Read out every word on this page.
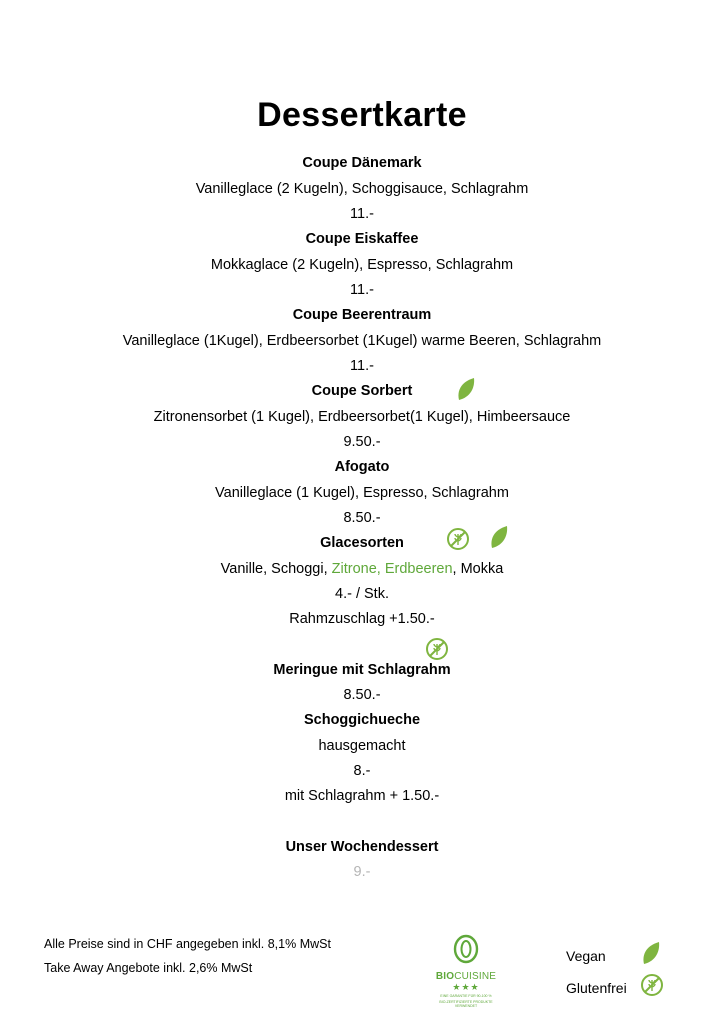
Dessertkarte
Coupe Dänemark
Vanilleglace (2 Kugeln), Schoggisauce, Schlagrahm
11.-
Coupe Eiskaffee
Mokkaglace (2 Kugeln), Espresso, Schlagrahm
11.-
Coupe Beerentraum
Vanilleglace (1Kugel), Erdbeersorbet (1Kugel) warme Beeren, Schlagrahm
11.-
Coupe Sorbert
Zitronensorbet (1 Kugel), Erdbeersorbet(1 Kugel), Himbeersauce
9.50.-
Afogato
Vanilleglace (1 Kugel), Espresso, Schlagrahm
8.50.-
Glacesorten
Vanille, Schoggi, Zitrone, Erdbeeren, Mokka
4.- / Stk.
Rahmzuschlag +1.50.-
Meringue mit Schlagrahm
8.50.-
Schoggichueche
hausgemacht
8.-
mit Schlagrahm + 1.50.-
Unser Wochendessert
9.-
Alle Preise sind in CHF angegeben inkl. 8,1% MwSt
Take Away Angebote inkl. 2,6% MwSt
BIOCUISINE
★★★
EINE GARANTIE FÜR 90-100 %
BIO-ZERTIFIZIERTE PRODUKTE VERWENDET
Vegan
Glutenfrei
